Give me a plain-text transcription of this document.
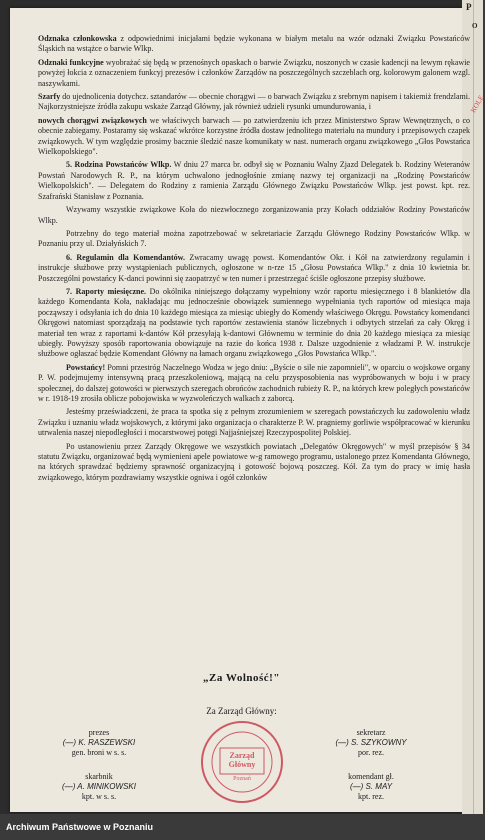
P
O
KOLE

Odznaka członkowska z odpowiednimi inicjałami będzie wykonana w białym metalu na wzór odznaki Związku Powstańców Śląskich na wstążce o barwie Wlkp.

Odznaki funkcyjne wyobrażać się będą w przenośnych opaskach o barwie Związku, noszonych w czasie kadencji na lewym rękawie powyżej łokcia z oznaczeniem funkcyj prezesów i członków Zarządów na poszczególnych szczeblach org. kolorowym galonem wzgl. naszywkami.

Szarfy do ujednolicenia dotychcz. sztandarów — obecnie chorągwi — o barwach Związku z srebrnym napisem i takiemiż frendzlami. Najkorzystniejsze źródła zakupu wskaże Zarząd Główny, jak również udzieli rysunki umundurowania, i

nowych chorągwi związkowych we właściwych barwach — po zatwierdzeniu ich przez Ministerstwo Spraw Wewnętrznych, o co obecnie zabiegamy. Postaramy się wskazać wkrótce korzystne źródła dostaw jednolitego materiału na mundury i przepisowych czapek związkowych. W tym względzie prosimy bacznie śledzić nasze komunikaty w nast. numerach organu związkowego „Głos Powstańca Wielkopolskiego".

5. Rodzina Powstańców Wlkp. W dniu 27 marca br. odbył się w Poznaniu Walny Zjazd Delegatek b. Rodziny Weteranów Powstań Narodowych R. P., na którym uchwalono jednogłośnie zmianę nazwy tej organizacji na „Rodzinę Powstańców Wielkopolskich". — Delegatem do Rodziny z ramienia Zarządu Głównego Związku Powstańców Wlkp. jest powst. kpt. rez. Szafrański Stanisław z Poznania.

Wzywamy wszystkie związkowe Koła do niezwłocznego zorganizowania przy Kołach oddziałów Rodziny Powstańców Wlkp.

Potrzebny do tego materiał można zapotrzebować w sekretariacie Zarządu Głównego Rodziny Powstańców Wlkp. w Poznaniu przy ul. Działyńskich 7.

6. Regulamin dla Komendantów. Zwracamy uwagę powst. Komendantów Okr. i Kół na zatwierdzony regulamin i instrukcje służbowe przy wystąpieniach publicznych, ogłoszone w n-rze 15 „Głosu Powstańca Wlkp." z dnia 10 kwietnia br. Poszczególni powstańcy K-danci powinni się zaopatrzyć w ten numer i przestrzegać ściśle ogłoszone przepisy służbowe.

7. Raporty miesięczne. Do okólnika niniejszego dołączamy wypełniony wzór raportu miesięcznego i 8 blankietów dla każdego Komendanta Koła, nakładając mu jednocześnie obowiązek sumiennego wypełniania tych raportów od miesiąca maja począwszy i odsyłania ich do dnia 10 każdego miesiąca za miesiąc ubiegły do Komendy właściwego Okręgu. Powstańcy komendanci Okręgowi natomiast sporządzają na podstawie tych raportów zestawienia stanów liczebnych i odbytych strzelań za cały Okręg i materiał ten wraz z raportami k-dantów Kół przesyłają k-dantowi Głównemu w terminie do dnia 20 każdego miesiąca za miesiąc ubiegły. Powyższy sposób raportowania obowiązuje na razie do końca 1938 r. Dalsze uzgodnienie z władzami P. W. instrukcje służbowe ogłaszać będzie Komendant Główny na łamach organu związkowego „Głos Powstańca Wlkp.".

Powstańcy! Pomni przestróg Naczelnego Wodza w jego dniu: „Byście o sile nie zapomnieli", w oparciu o wojskowe organy P. W. podejmujemy intensywną pracą przeszkoleniową, mającą na celu przysposobienia nas wypróbowanych w boju i w pracy społecznej, do dalszej gotowości w pierwszych szeregach obrońców zachodnich rubieży R. P., na których krew poległych powstańców w r. 1918-19 zrosiła oblicze pobojowiska w wyzwoleńczych walkach z zaborcą.

Jesteśmy przeświadczeni, że praca ta spotka się z pełnym zrozumieniem w szeregach powstańczych ku zadowoleniu władz Związku i uznaniu władz wojskowych, z którymi jako organizacja o charakterze P. W. pragniemy gorliwie współpracować w kierunku utrwalenia naszej niepodległości i mocarstwowej potęgi Najjaśniejszej Rzeczypospolitej Polskiej.

Po ustanowieniu przez Zarządy Okręgowe we wszystkich powiatach „Delegatów Okręgowych" w myśl przepisów § 34 statutu Związku, organizować będą wymienieni apele powiatowe w-g ramowego programu, ustalonego przez Komendanta Głównego, na których sprawdzać będziemy sprawność organizacyjną i gotowość bojową poszczeg. Kół. Za tym do pracy w imię hasła związkowego, którym pozdrawiamy wszystkie ogniwa i ogół członków

„Za Wolność!"
Za Zarząd Główny:
prezes
(—) K. RASZEWSKI
gen. broni w s. s.
sekretarz
(—) S. SZYKOWNY
por. rez.
skarbnik
(—) A. MINIKOWSKI
kpt. w s. s.
komendant gł.
(—) S. MAY
kpt. rez.
Zarząd
Główny
Poznań
Archiwum Państwowe w Poznaniu
